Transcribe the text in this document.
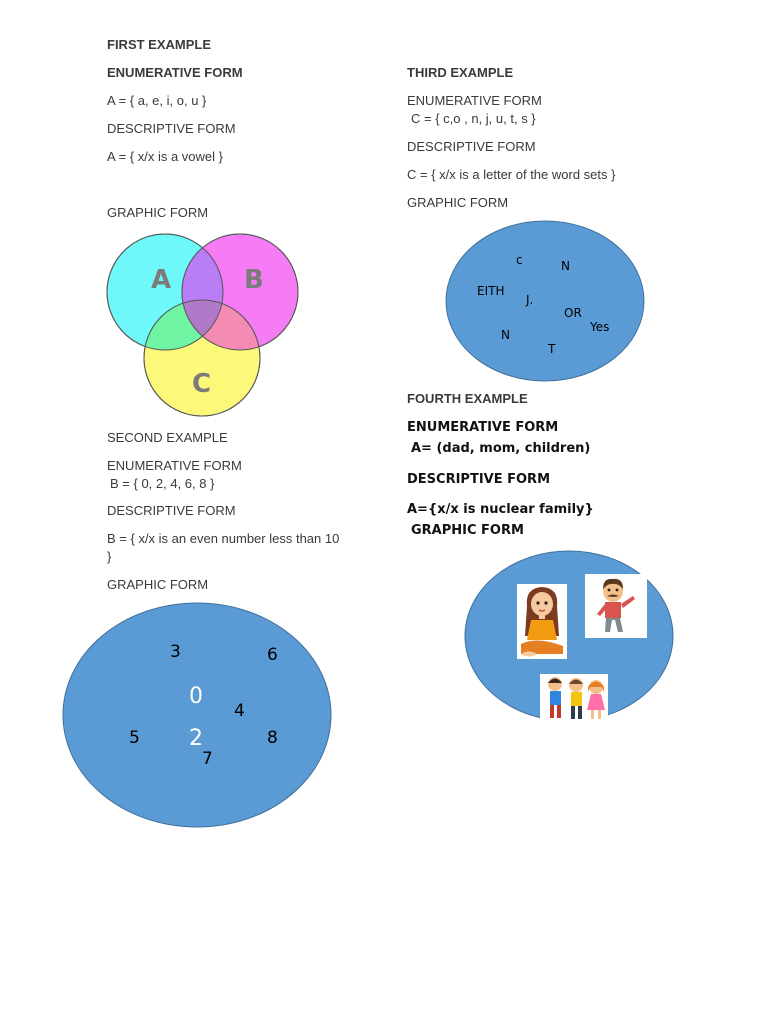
FIRST EXAMPLE

ENUMERATIVE FORM

A = { a, e, i, o, u }

DESCRIPTIVE FORM

A = { x/x is a vowel }

GRAPHIC FORM

A	B
C

SECOND EXAMPLE

ENUMERATIVE FORM

B = { 0, 2, 4, 6, 8 }

DESCRIPTIVE FORM

B = { x/x is an even number less than 10 }

GRAPHIC FORM

3	6
0
4
5 2	8
7

THIRD EXAMPLE

ENUMERATIVE FORM

C = { c,o , n, j, u, t, s }

DESCRIPTIVE FORM

C = { x/x is a letter of the word sets }

GRAPHIC FORM

c	N
EITH
J.
OR
Yes
N
T

FOURTH EXAMPLE

ENUMERATIVE FORM

A= (dad, mom, children)

DESCRIPTIVE FORM

A={x/x is nuclear family}

GRAPHIC FORM
